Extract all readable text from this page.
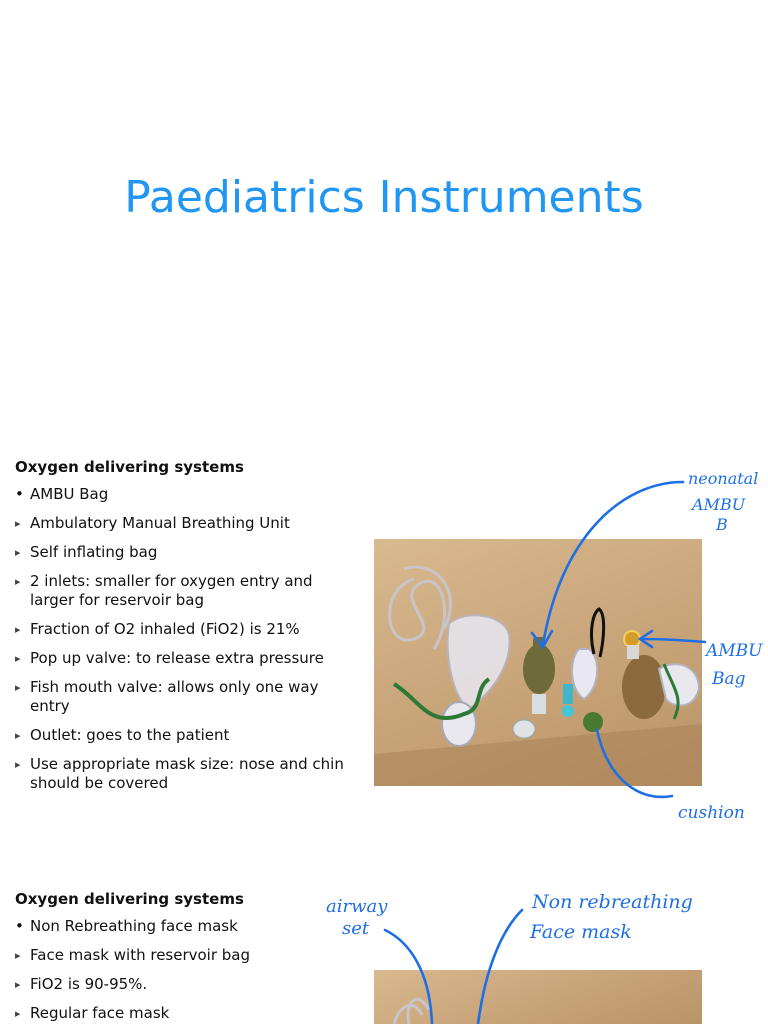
Paediatrics Instruments
Oxygen delivering systems
• AMBU Bag
▸ Ambulatory Manual Breathing Unit
▸ Self inflating bag
▸ 2 inlets: smaller for oxygen entry and larger for reservoir bag
▸ Fraction of O2 inhaled (FiO2) is 21%
▸ Pop up valve: to release extra pressure
▸ Fish mouth valve: allows only one way entry
▸ Outlet: goes to the patient
▸ Use appropriate mask size: nose and chin should be covered
neonatal
AMBU
B
AMBU
Bag
cushion
Oxygen delivering systems
• Non Rebreathing face mask
▸ Face mask with reservoir bag
▸ FiO2 is 90-95%.
▸ Regular face mask
airway
set
Non rebreathing
Face mask
